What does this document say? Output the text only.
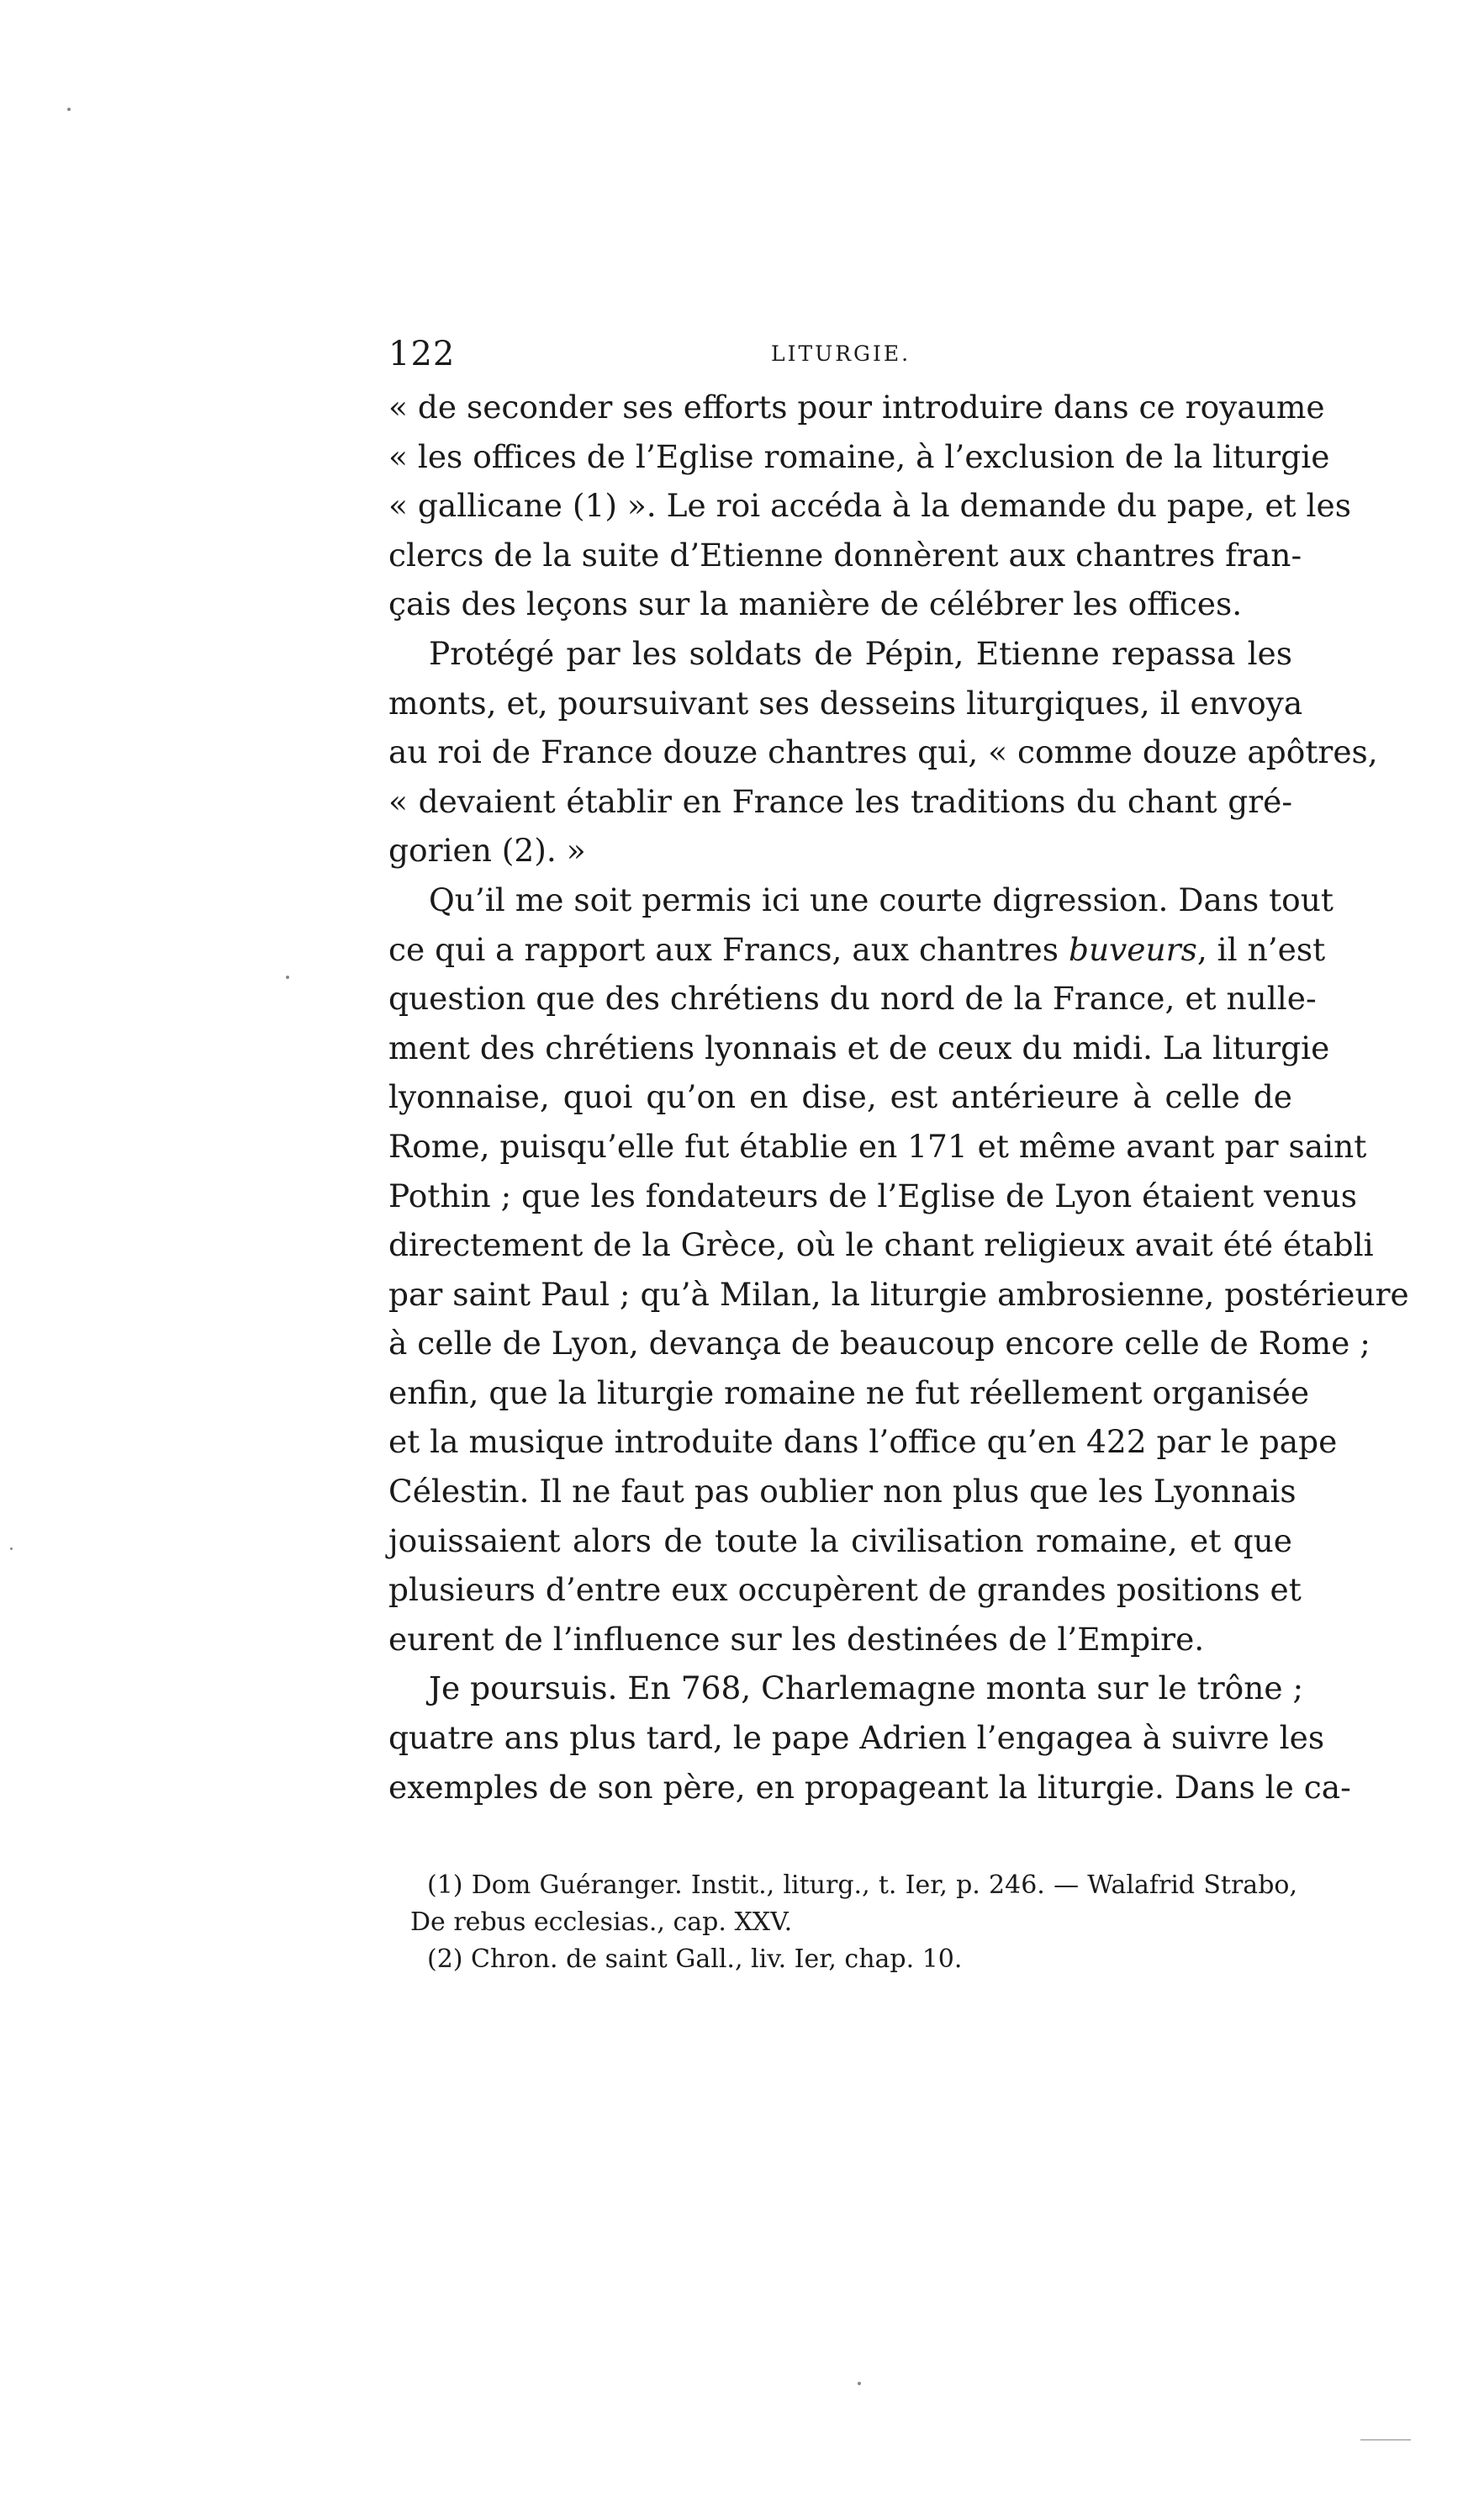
122	LITURGIE.
« de seconder ses efforts pour introduire dans ce royaume
« les offices de l’Eglise romaine, à l’exclusion de la liturgie
« gallicane (1) ». Le roi accéda à la demande du pape, et les
clercs de la suite d’Etienne donnèrent aux chantres fran-
çais des leçons sur la manière de célébrer les offices.
Protégé par les soldats de Pépin, Etienne repassa les
monts, et, poursuivant ses desseins liturgiques, il envoya
au roi de France douze chantres qui, « comme douze apôtres,
« devaient établir en France les traditions du chant gré-
gorien (2). »
Qu’il me soit permis ici une courte digression. Dans tout
ce qui a rapport aux Francs, aux chantres buveurs, il n’est
question que des chrétiens du nord de la France, et nulle-
ment des chrétiens lyonnais et de ceux du midi. La liturgie
lyonnaise, quoi qu’on en dise, est antérieure à celle de
Rome, puisqu’elle fut établie en 171 et même avant par saint
Pothin ; que les fondateurs de l’Eglise de Lyon étaient venus
directement de la Grèce, où le chant religieux avait été établi
par saint Paul ; qu’à Milan, la liturgie ambrosienne, postérieure
à celle de Lyon, devança de beaucoup encore celle de Rome ;
enfin, que la liturgie romaine ne fut réellement organisée
et la musique introduite dans l’office qu’en 422 par le pape
Célestin. Il ne faut pas oublier non plus que les Lyonnais
jouissaient alors de toute la civilisation romaine, et que
plusieurs d’entre eux occupèrent de grandes positions et
eurent de l’influence sur les destinées de l’Empire.
Je poursuis. En 768, Charlemagne monta sur le trône ;
quatre ans plus tard, le pape Adrien l’engagea à suivre les
exemples de son père, en propageant la liturgie. Dans le ca-
(1) Dom Guéranger. Instit., liturg., t. Ier, p. 246. — Walafrid Strabo,
De rebus ecclesias., cap. XXV.
(2) Chron. de saint Gall., liv. Ier, chap. 10.
